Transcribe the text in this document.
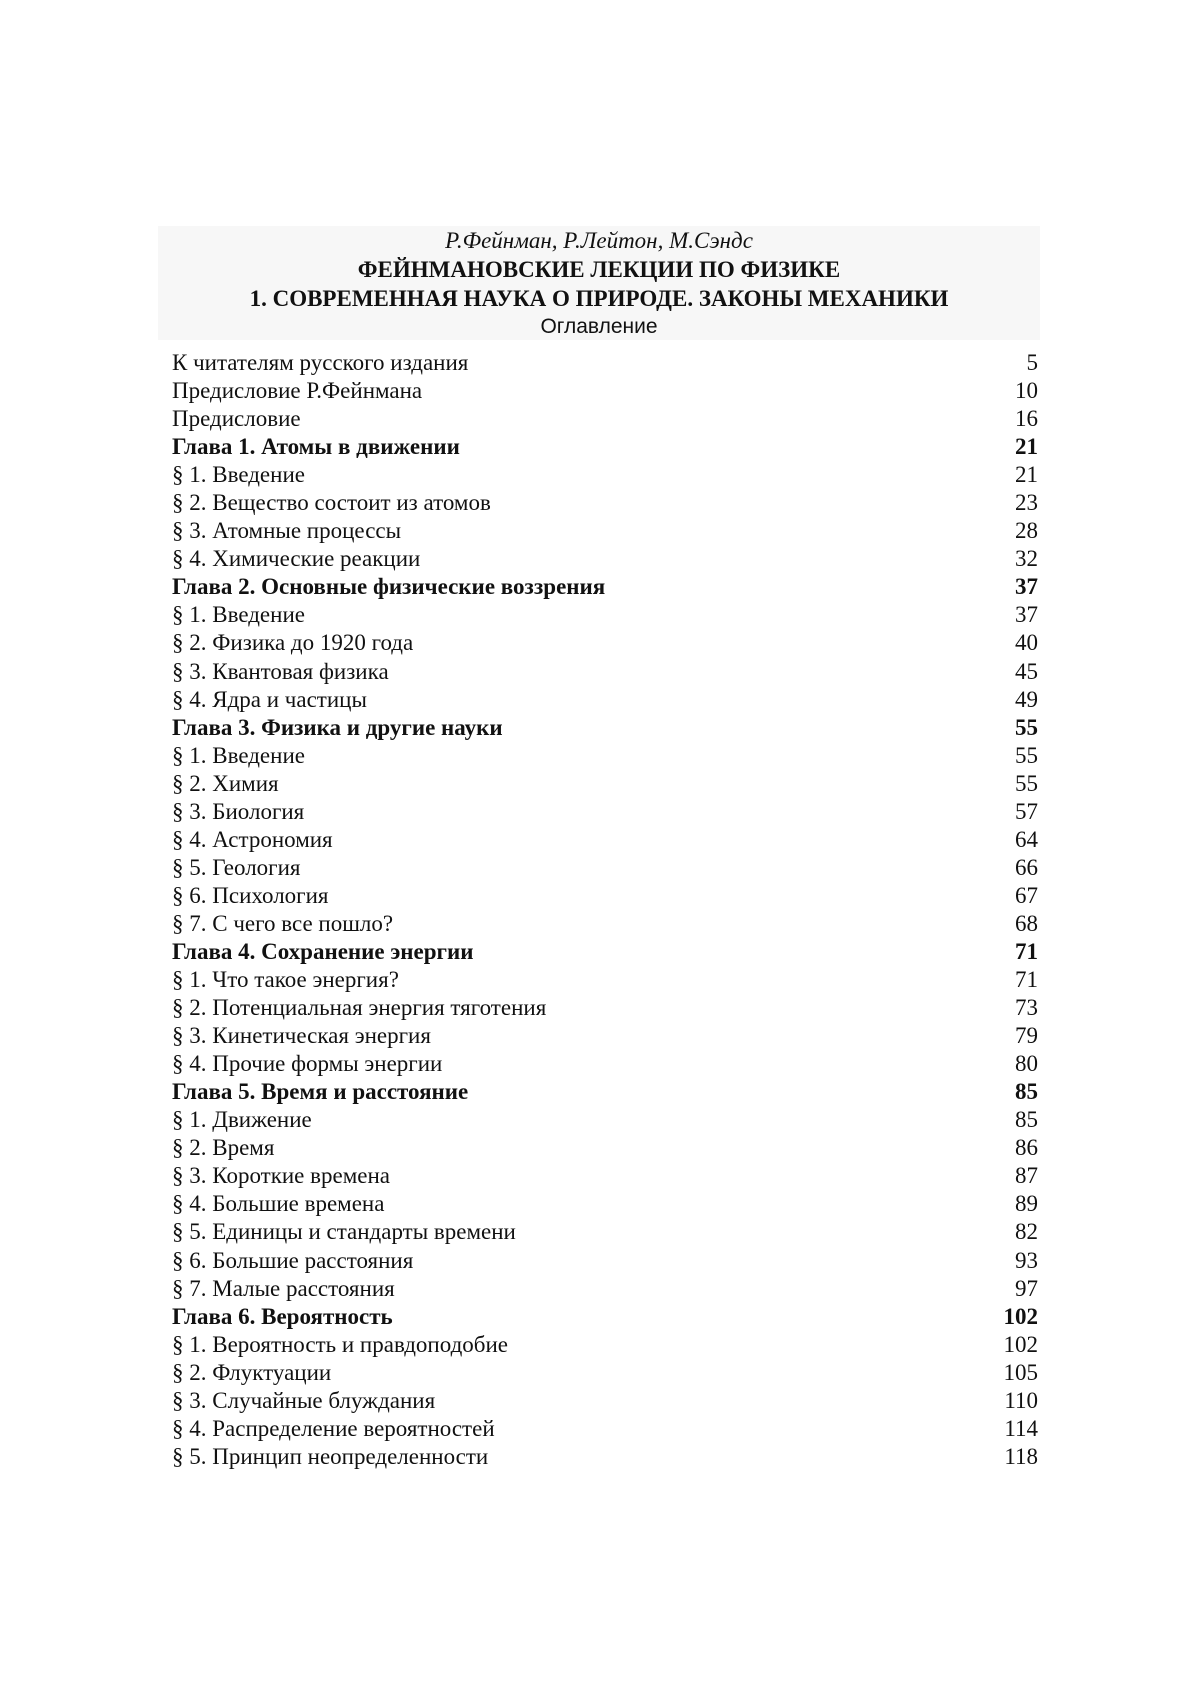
Р.Фейнман, Р.Лейтон, М.Сэндс

ФЕЙНМАНОВСКИЕ ЛЕКЦИИ ПО ФИЗИКЕ

1. СОВРЕМЕННАЯ НАУКА О ПРИРОДЕ. ЗАКОНЫ МЕХАНИКИ

Оглавление

К читателям русского издания	5
Предисловие Р.Фейнмана	10
Предисловие	16
Глава 1. Атомы в движении	21
§ 1. Введение	21
§ 2. Вещество состоит из атомов	23
§ 3. Атомные процессы	28
§ 4. Химические реакции	32
Глава 2. Основные физические воззрения	37
§ 1. Введение	37
§ 2. Физика до 1920 года	40
§ 3. Квантовая физика	45
§ 4. Ядра и частицы	49
Глава 3. Физика и другие науки	55
§ 1. Введение	55
§ 2. Химия	55
§ 3. Биология	57
§ 4. Астрономия	64
§ 5. Геология	66
§ 6. Психология	67
§ 7. С чего все пошло?	68
Глава 4. Сохранение энергии	71
§ 1. Что такое энергия?	71
§ 2. Потенциальная энергия тяготения	73
§ 3. Кинетическая энергия	79
§ 4. Прочие формы энергии	80
Глава 5. Время и расстояние	85
§ 1. Движение	85
§ 2. Время	86
§ 3. Короткие времена	87
§ 4. Большие времена	89
§ 5. Единицы и стандарты времени	82
§ 6. Большие расстояния	93
§ 7. Малые расстояния	97
Глава 6. Вероятность	102
§ 1. Вероятность и правдоподобие	102
§ 2. Флуктуации	105
§ 3. Случайные блуждания	110
§ 4. Распределение вероятностей	114
§ 5. Принцип неопределенности	118
